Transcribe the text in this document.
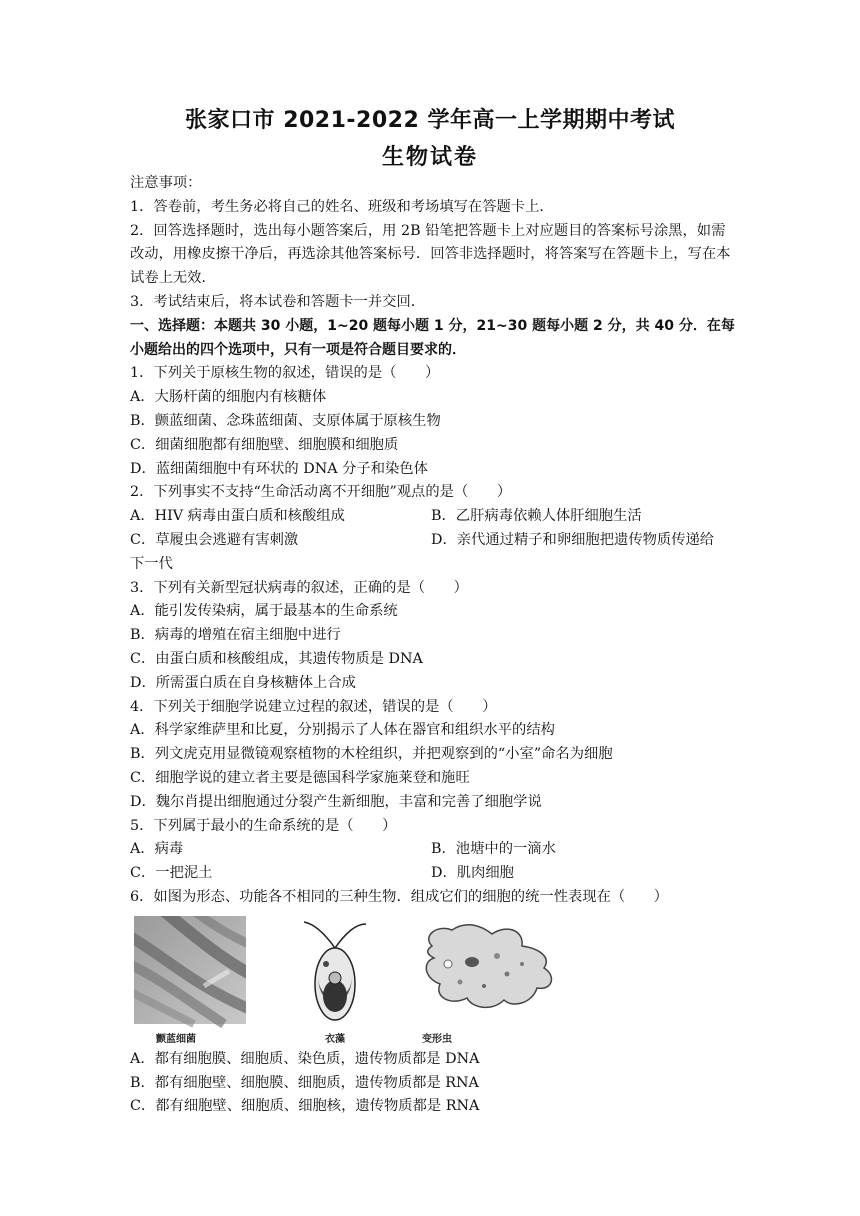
张家口市 2021-2022 学年高一上学期期中考试
生物试卷
注意事项：
1．答卷前，考生务必将自己的姓名、班级和考场填写在答题卡上．
2．回答选择题时，选出每小题答案后，用 2B 铅笔把答题卡上对应题目的答案标号涂黑，如需改动，用橡皮擦干净后，再选涂其他答案标号．回答非选择题时，将答案写在答题卡上，写在本试卷上无效．
3．考试结束后，将本试卷和答题卡一并交回．
一、选择题：本题共 30 小题，1~20 题每小题 1 分，21~30 题每小题 2 分，共 40 分．在每
小题给出的四个选项中，只有一项是符合题目要求的．
1．下列关于原核生物的叙述，错误的是（　　）
A．大肠杆菌的细胞内有核糖体
B．颤蓝细菌、念珠蓝细菌、支原体属于原核生物
C．细菌细胞都有细胞壁、细胞膜和细胞质
D．蓝细菌细胞中有环状的 DNA 分子和染色体
2．下列事实不支持“生命活动离不开细胞”观点的是（　　）
A．HIV 病毒由蛋白质和核酸组成	B．乙肝病毒依赖人体肝细胞生活
C．草履虫会逃避有害刺激	D．亲代通过精子和卵细胞把遗传物质传递给
下一代
3．下列有关新型冠状病毒的叙述，正确的是（　　）
A．能引发传染病，属于最基本的生命系统
B．病毒的增殖在宿主细胞中进行
C．由蛋白质和核酸组成，其遗传物质是 DNA
D．所需蛋白质在自身核糖体上合成
4．下列关于细胞学说建立过程的叙述，错误的是（　　）
A．科学家维萨里和比夏，分别揭示了人体在器官和组织水平的结构
B．列文虎克用显微镜观察植物的木栓组织，并把观察到的“小室”命名为细胞
C．细胞学说的建立者主要是德国科学家施莱登和施旺
D．魏尔肖提出细胞通过分裂产生新细胞，丰富和完善了细胞学说
5．下列属于最小的生命系统的是（　　）
A．病毒	B．池塘中的一滴水
C．一把泥土	D．肌肉细胞
6．如图为形态、功能各不相同的三种生物．组成它们的细胞的统一性表现在（　　）
颤蓝细菌	衣藻	变形虫
A．都有细胞膜、细胞质、染色质，遗传物质都是 DNA
B．都有细胞壁、细胞膜、细胞质，遗传物质都是 RNA
C．都有细胞壁、细胞质、细胞核，遗传物质都是 RNA
